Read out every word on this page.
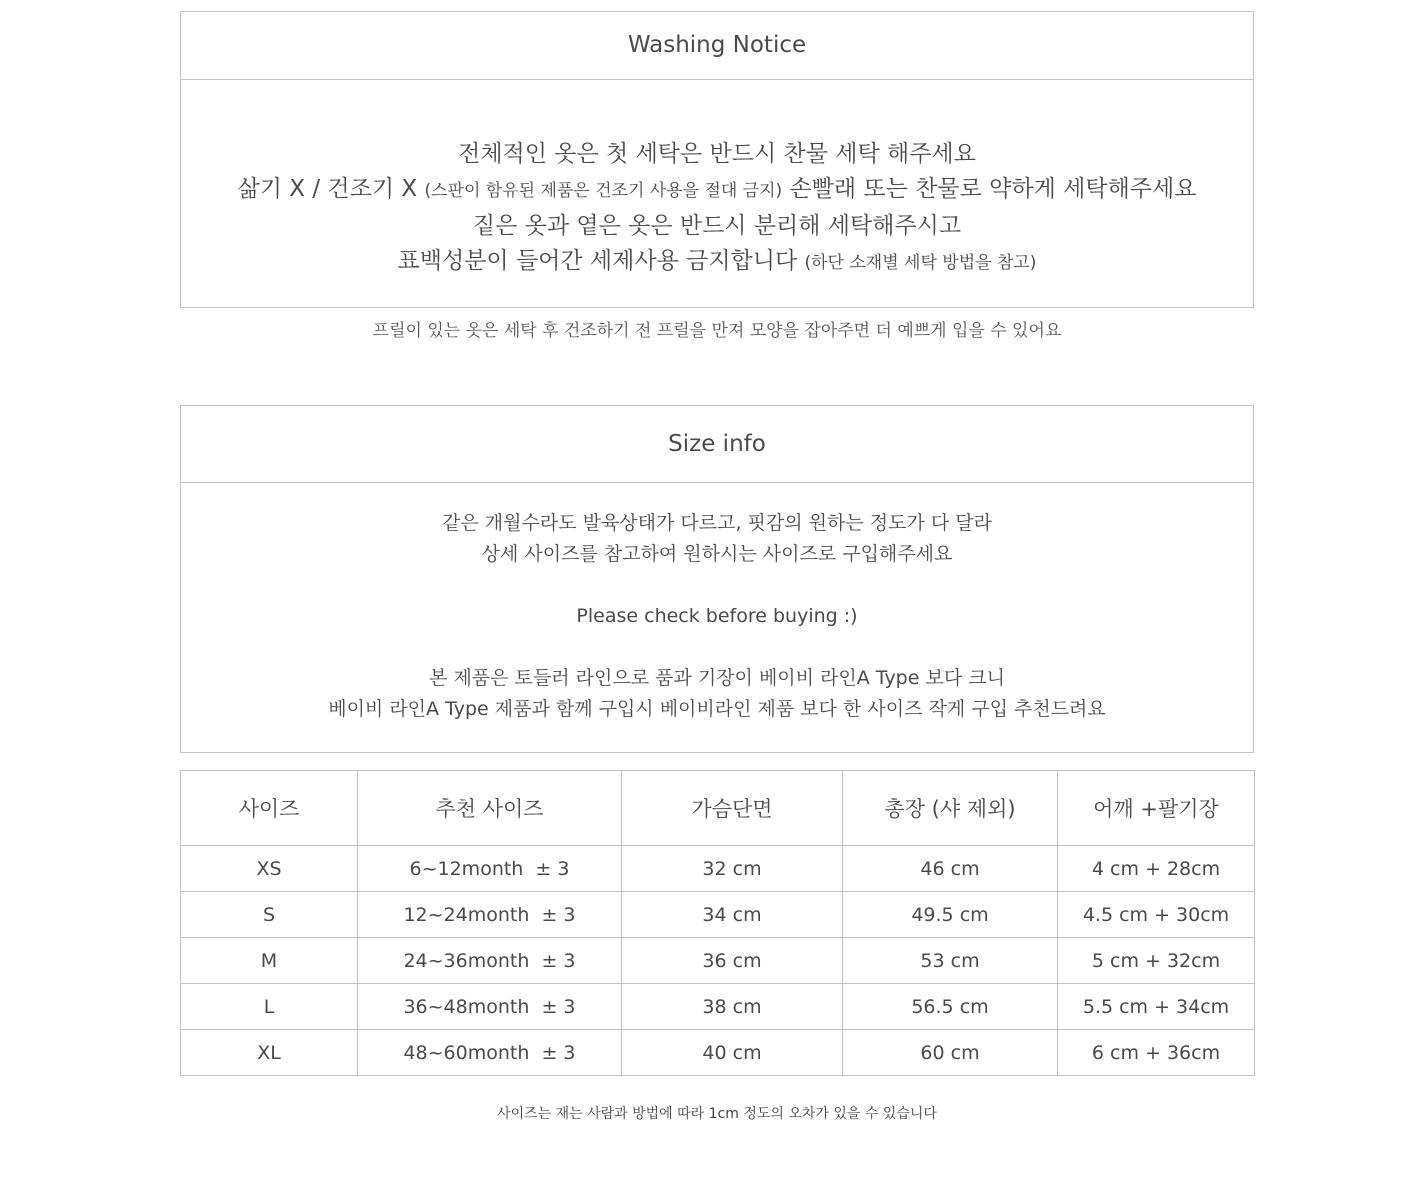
Washing Notice
전체적인 옷은 첫 세탁은 반드시 찬물 세탁 해주세요
삶기 X / 건조기 X (스판이 함유된 제품은 건조기 사용을 절대 금지) 손빨래 또는 찬물로 약하게 세탁해주세요
짙은 옷과 옅은 옷은 반드시 분리해 세탁해주시고
표백성분이 들어간 세제사용 금지합니다 (하단 소재별 세탁 방법을 참고)
프릴이 있는 옷은 세탁 후 건조하기 전 프릴을 만져 모양을 잡아주면 더 예쁘게 입을 수 있어요
Size info
같은 개월수라도 발육상태가 다르고, 핏감의 원하는 정도가 다 달라
상세 사이즈를 참고하여 원하시는 사이즈로 구입해주세요
Please check before buying :)
본 제품은 토들러 라인으로 품과 기장이 베이비 라인A Type 보다 크니
베이비 라인A Type 제품과 함께 구입시 베이비라인 제품 보다 한 사이즈 작게 구입 추천드려요
사이즈	추천 사이즈	가슴단면	총장 (샤 제외)	어깨 +팔기장
XS	6~12month  ± 3	32 cm	46 cm	4 cm + 28cm
S	12~24month  ± 3	34 cm	49.5 cm	4.5 cm + 30cm
M	24~36month  ± 3	36 cm	53 cm	5 cm + 32cm
L	36~48month  ± 3	38 cm	56.5 cm	5.5 cm + 34cm
XL	48~60month  ± 3	40 cm	60 cm	6 cm + 36cm
사이즈는 재는 사람과 방법에 따라 1cm 정도의 오차가 있을 수 있습니다
